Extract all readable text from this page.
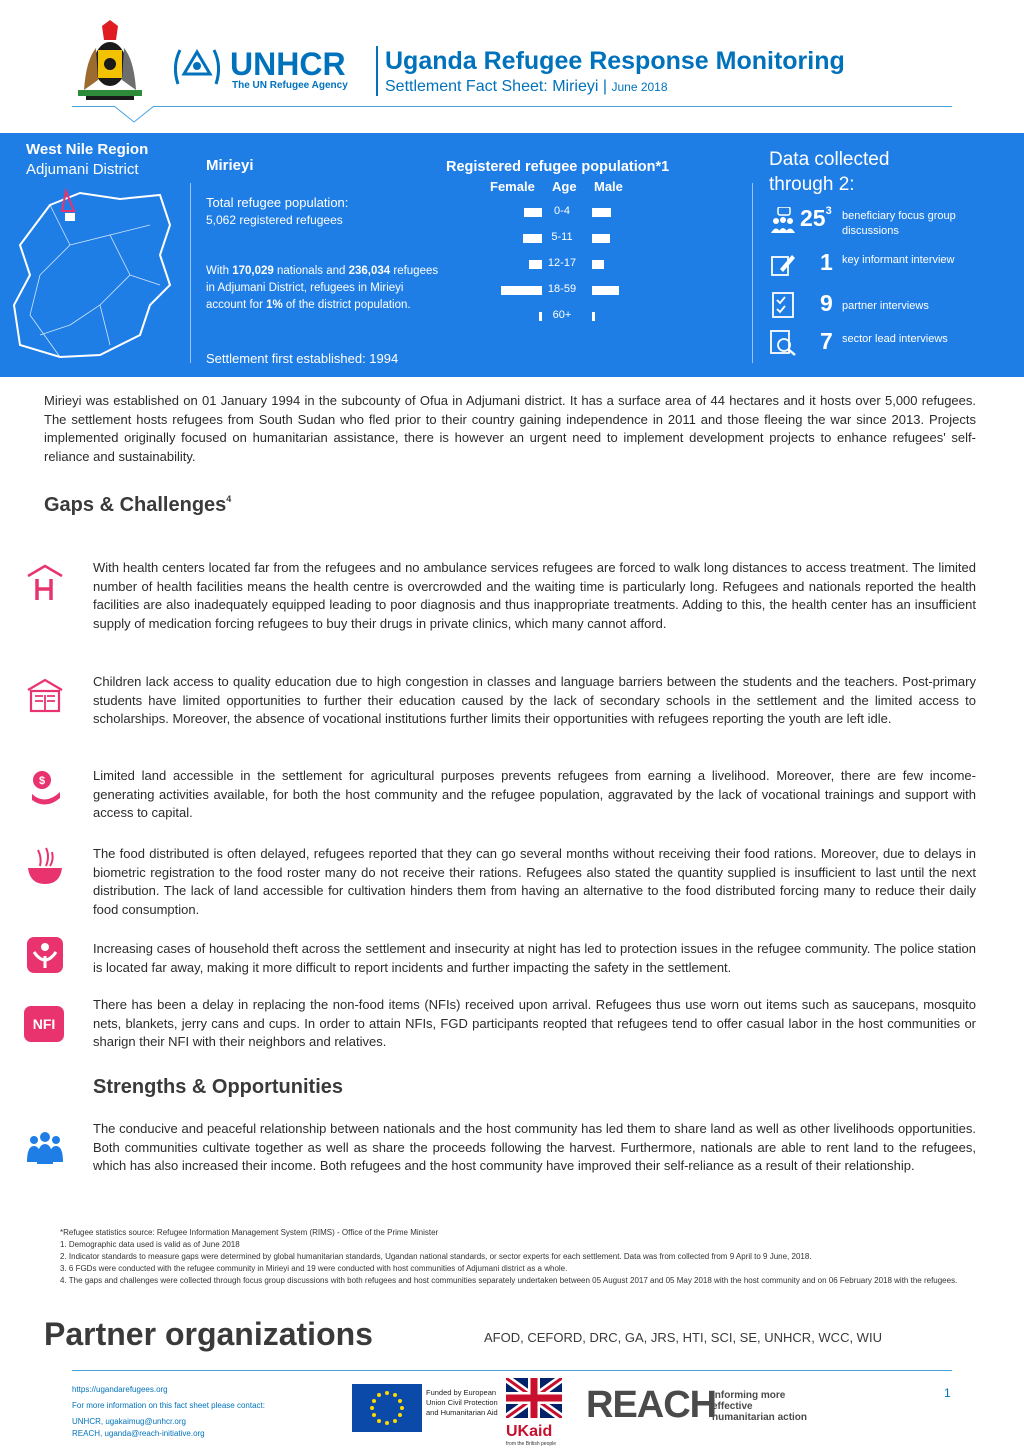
UNHCR
The UN Refugee Agency
Uganda Refugee Response Monitoring
Settlement Fact Sheet: Mirieyi | June 2018
West Nile Region
Adjumani District	Mirieyi
Total refugee population:
5,062 registered refugees
With 170,029 nationals and 236,034 refugees in Adjumani District, refugees in Mirieyi account for 1% of the district population.
Settlement first established: 1994
Registered refugee population*1
Female Age Male
0-4
5-11
12-17
18-59
60+
Data collected
through 2:
$25^3$ beneficiary focus group discussions
1 key informant interview
9 partner interviews
7 sector lead interviews
Mirieyi was established on 01 January 1994 in the subcounty of Ofua in Adjumani district. It has a surface area of 44 hectares and it hosts over 5,000 refugees. The settlement hosts refugees from South Sudan who fled prior to their country gaining independence in 2011 and those fleeing the war since 2013. Projects implemented originally focused on humanitarian assistance, there is however an urgent need to implement development projects to enhance refugees' self-reliance and sustainability.
Gaps & Challenges$^4$
With health centers located far from the refugees and no ambulance services refugees are forced to walk long distances to access treatment. The limited number of health facilities means the health centre is overcrowded and the waiting time is particularly long. Refugees and nationals reported the health facilities are also inadequately equipped leading to poor diagnosis and thus inappropriate treatments. Adding to this, the health center has an insufficient supply of medication forcing refugees to buy their drugs in private clinics, which many cannot afford.
Children lack access to quality education due to high congestion in classes and language barriers between the students and the teachers. Post-primary students have limited opportunities to further their education caused by the lack of secondary schools in the settlement and the limited access to scholarships. Moreover, the absence of vocational institutions further limits their opportunities with refugees reporting the youth are left idle.
$	Limited land accessible in the settlement for agricultural purposes prevents refugees from earning a livelihood. Moreover, there are few income-generating activities available, for both the host community and the refugee population, aggravated by the lack of vocational trainings and support with access to capital.
The food distributed is often delayed, refugees reported that they can go several months without receiving their food rations. Moreover, due to delays in biometric registration to the food roster many do not receive their rations. Refugees also stated the quantity supplied is insufficient to last until the next distribution. The lack of land accessible for cultivation hinders them from having an alternative to the food distributed forcing many to reduce their daily food consumption.
Increasing cases of household theft across the settlement and insecurity at night has led to protection issues in the refugee community. The police station is located far away, making it more difficult to report incidents and further impacting the safety in the settlement.
NFI
There has been a delay in replacing the non-food items (NFIs) received upon arrival. Refugees thus use worn out items such as saucepans, mosquito nets, blankets, jerry cans and cups. In order to attain NFIs, FGD participants reopted that refugees tend to offer casual labor in the host communities or sharign their NFI with their neighbors and relatives.
Strengths & Opportunities
The conducive and peaceful relationship between nationals and the host community has led them to share land as well as other livelihoods opportunities. Both communities cultivate together as well as share the proceeds following the harvest. Furthermore, nationals are able to rent land to the refugees, which has also increased their income. Both refugees and the host community have improved their self-reliance as a result of their relationship.
*Refugee statistics source: Refugee Information Management System (RIMS) - Office of the Prime Minister
1. Demographic data used is valid as of June 2018
2. Indicator standards to measure gaps were determined by global humanitarian standards, Ugandan national standards, or sector experts for each settlement. Data was from collected from 9 April to 9 June, 2018.
3. 6 FGDs were conducted with the refugee community in Mirieyi and 19 were conducted with host communities of Adjumani district as a whole.
4. The gaps and challenges were collected through focus group discussions with both refugees and host communities separately undertaken between 05 August 2017 and 05 May 2018 with the host community and on 06 February 2018 with the refugees.
Partner organizations	AFOD, CEFORD, DRC, GA, JRS, HTI, SCI, SE, UNHCR, WCC, WIU
https://ugandarefugees.org
For more information on this fact sheet please contact:
UNHCR, ugakaimug@unhcr.org
REACH, uganda@reach-initiative.org
Funded by European Union Civil Protection and Humanitarian Aid
UKaid
from the British people
REACH
Informing more effective humanitarian action
1
